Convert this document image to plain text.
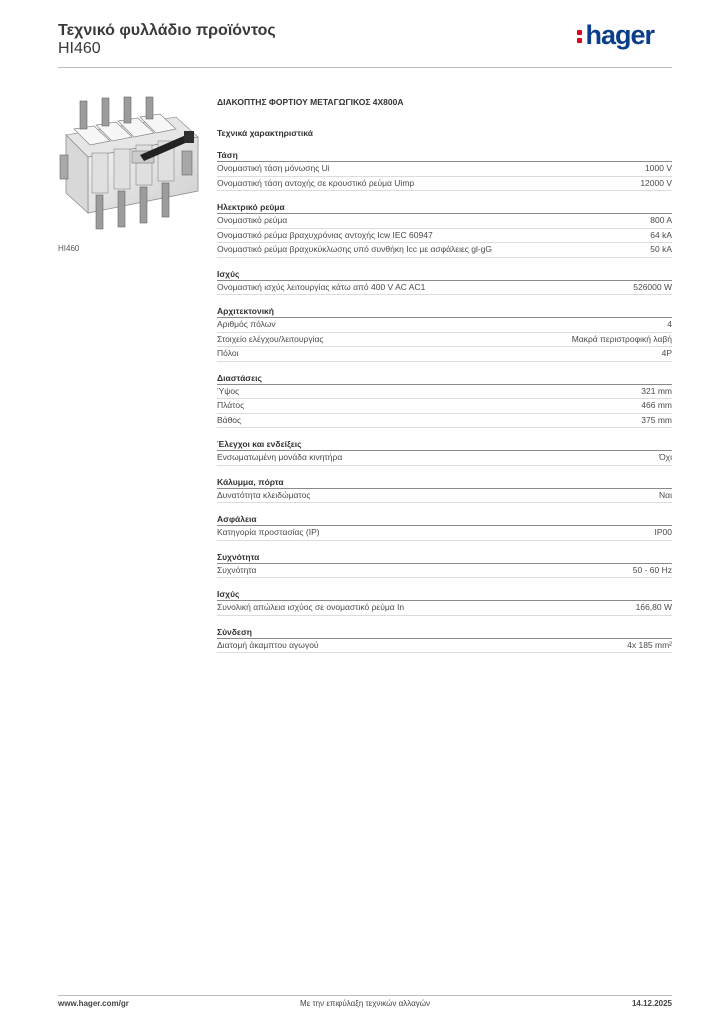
Τεχνικό φυλλάδιο προϊόντος
HI460	hager
HI460
ΔΙΑΚΟΠΤΗΣ ΦΟΡΤΙΟΥ ΜΕΤΑΓΩΓΙΚΟΣ 4X800A
Τεχνικά χαρακτηριστικά
Τάση
Ονομαστική τάση μόνωσης Ui	1000 V
Ονομαστική τάση αντοχής σε κρουστικό ρεύμα Uimp	12000 V
Ηλεκτρικό ρεύμα
Ονομαστικό ρεύμα	800 A
Ονομαστικό ρεύμα βραχυχρόνιας αντοχής Icw IEC 60947	64 kA
Ονομαστικό ρεύμα βραχυκύκλωσης υπό συνθήκη Icc με ασφάλειες gl-gG	50 kA
Ισχύς
Ονομαστική ισχύς λειτουργίας κάτω από 400 V AC AC1	526000 W
Αρχιτεκτονική
Αριθμός πόλων	4
Στοιχείο ελέγχου/λειτουργίας	Μακρά περιστροφική λαβή
Πόλοι	4P
Διαστάσεις
Ύψος	321 mm
Πλάτος	466 mm
Βάθος	375 mm
Έλεγχοι και ενδείξεις
Ενσωματωμένη μονάδα κινητήρα	Όχι
Κάλυμμα, πόρτα
Δυνατότητα κλειδώματος	Ναι
Ασφάλεια
Κατηγορία προστασίας (IP)	IP00
Συχνότητα
Συχνότητα	50 - 60 Hz
Ισχύς
Συνολική απώλεια ισχύος σε ονομαστικό ρεύμα In	166,80 W
Σύνδεση
Διατομή άκαμπτου αγωγού	4x 185 mm²
www.hager.com/gr	Με την επιφύλαξη τεχνικών αλλαγών	14.12.2025
